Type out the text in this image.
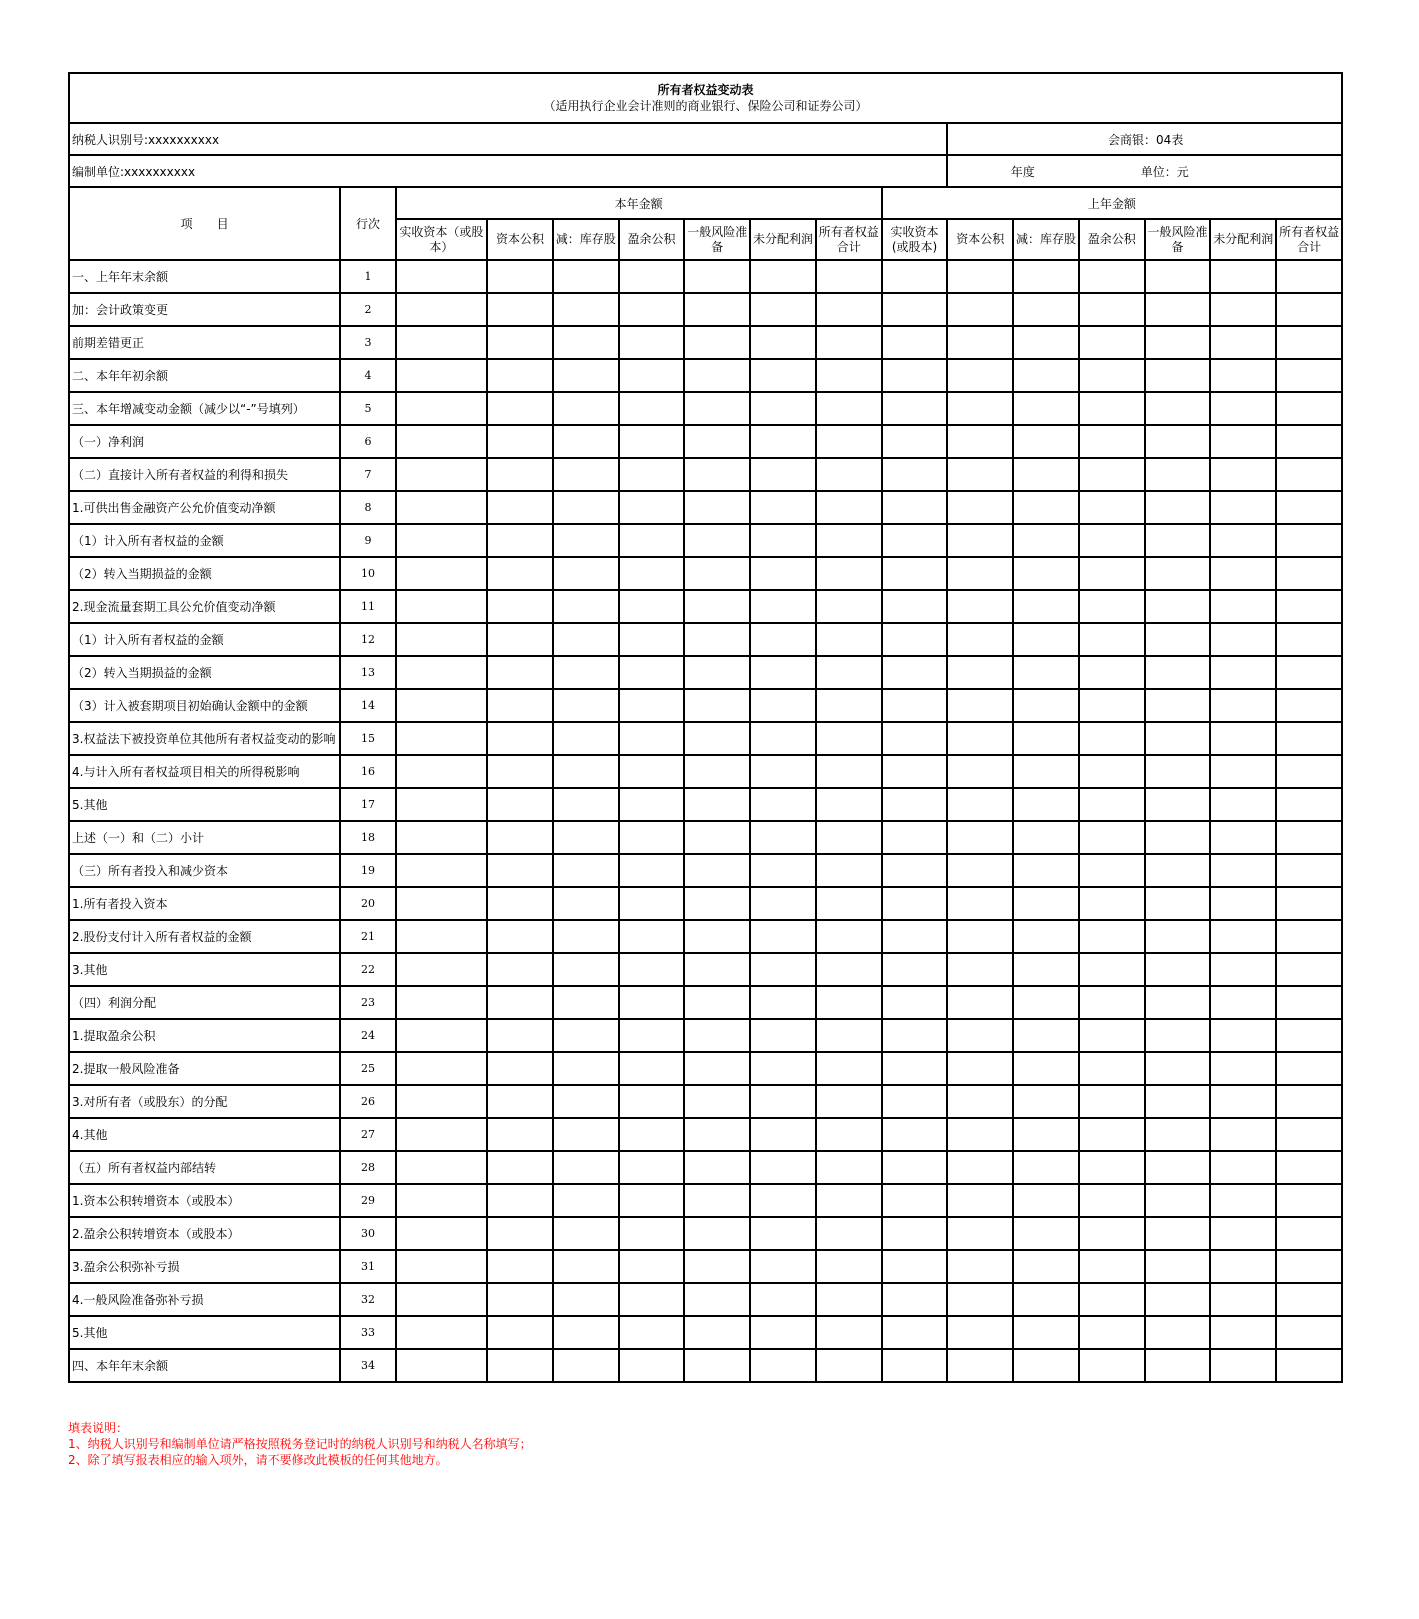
所有者权益变动表
（适用执行企业会计准则的商业银行、保险公司和证券公司）															

纳税人识别号:xxxxxxxxxx										会商银：04表					
编制单位:xxxxxxxxxx										年度 单位：元					
项　　目	行次	本年金额							上年金额						
		实收资本（或股本）	资本公积	减：库存股	盈余公积	一般风险准备	未分配利润	所有者权益合计	实收资本(或股本)	资本公积	减：库存股	盈余公积	一般风险准备	未分配利润	所有者权益合计
一、上年年末余额	1														
加：会计政策变更	2														
前期差错更正	3														
二、本年年初余额	4														
三、本年增减变动金额（减少以“-”号填列）	5														
（一）净利润	6														
（二）直接计入所有者权益的利得和损失	7														
1.可供出售金融资产公允价值变动净额	8														
（1）计入所有者权益的金额	9														
（2）转入当期损益的金额	10														
2.现金流量套期工具公允价值变动净额	11														
（1）计入所有者权益的金额	12														
（2）转入当期损益的金额	13														
（3）计入被套期项目初始确认金额中的金额	14														
3.权益法下被投资单位其他所有者权益变动的影响	15														
4.与计入所有者权益项目相关的所得税影响	16														
5.其他	17														
上述（一）和（二）小计	18														
（三）所有者投入和减少资本	19														
1.所有者投入资本	20														
2.股份支付计入所有者权益的金额	21														
3.其他	22														
（四）利润分配	23														
1.提取盈余公积	24														
2.提取一般风险准备	25														
3.对所有者（或股东）的分配	26														
4.其他	27														
（五）所有者权益内部结转	28														
1.资本公积转增资本（或股本）	29														
2.盈余公积转增资本（或股本）	30														
3.盈余公积弥补亏损	31														
4.一般风险准备弥补亏损	32														
5.其他	33														
四、本年年末余额	34														
填表说明：
1、纳税人识别号和编制单位请严格按照税务登记时的纳税人识别号和纳税人名称填写；
2、除了填写报表相应的输入项外，请不要修改此模板的任何其他地方。
